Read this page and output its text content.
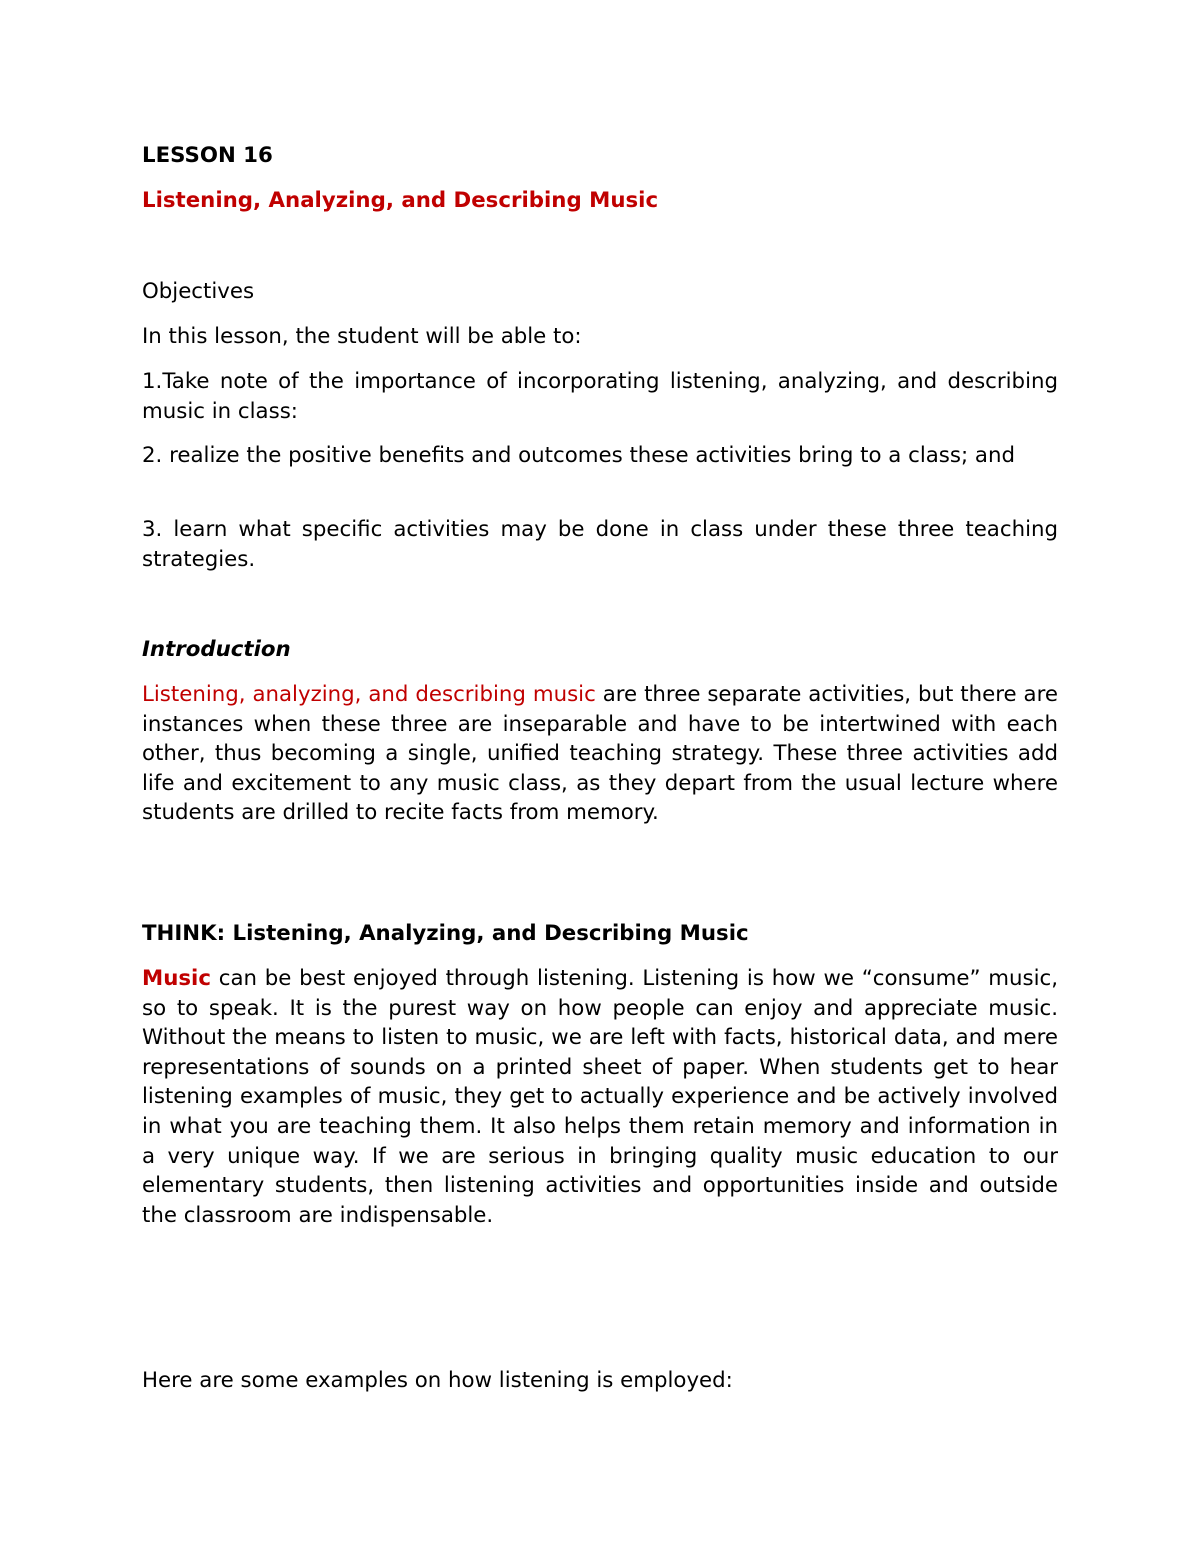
LESSON 16

Listening, Analyzing, and Describing Music

Objectives

In this lesson, the student will be able to:

1.Take note of the importance of incorporating listening, analyzing, and describing music in class:

2. realize the positive benefits and outcomes these activities bring to a class; and

3. learn what specific activities may be done in class under these three teaching strategies.

Introduction

Listening, analyzing, and describing music are three separate activities, but there are instances when these three are inseparable and have to be intertwined with each other, thus becoming a single, unified teaching strategy. These three activities add life and excitement to any music class, as they depart from the usual lecture where students are drilled to recite facts from memory.

THINK: Listening, Analyzing, and Describing Music

Music can be best enjoyed through listening. Listening is how we “consume” music, so to speak. It is the purest way on how people can enjoy and appreciate music. Without the means to listen to music, we are left with facts, historical data, and mere representations of sounds on a printed sheet of paper. When students get to hear listening examples of music, they get to actually experience and be actively involved in what you are teaching them. It also helps them retain memory and information in a very unique way. If we are serious in bringing quality music education to our elementary students, then listening activities and opportunities inside and outside the classroom are indispensable.

Here are some examples on how listening is employed:
